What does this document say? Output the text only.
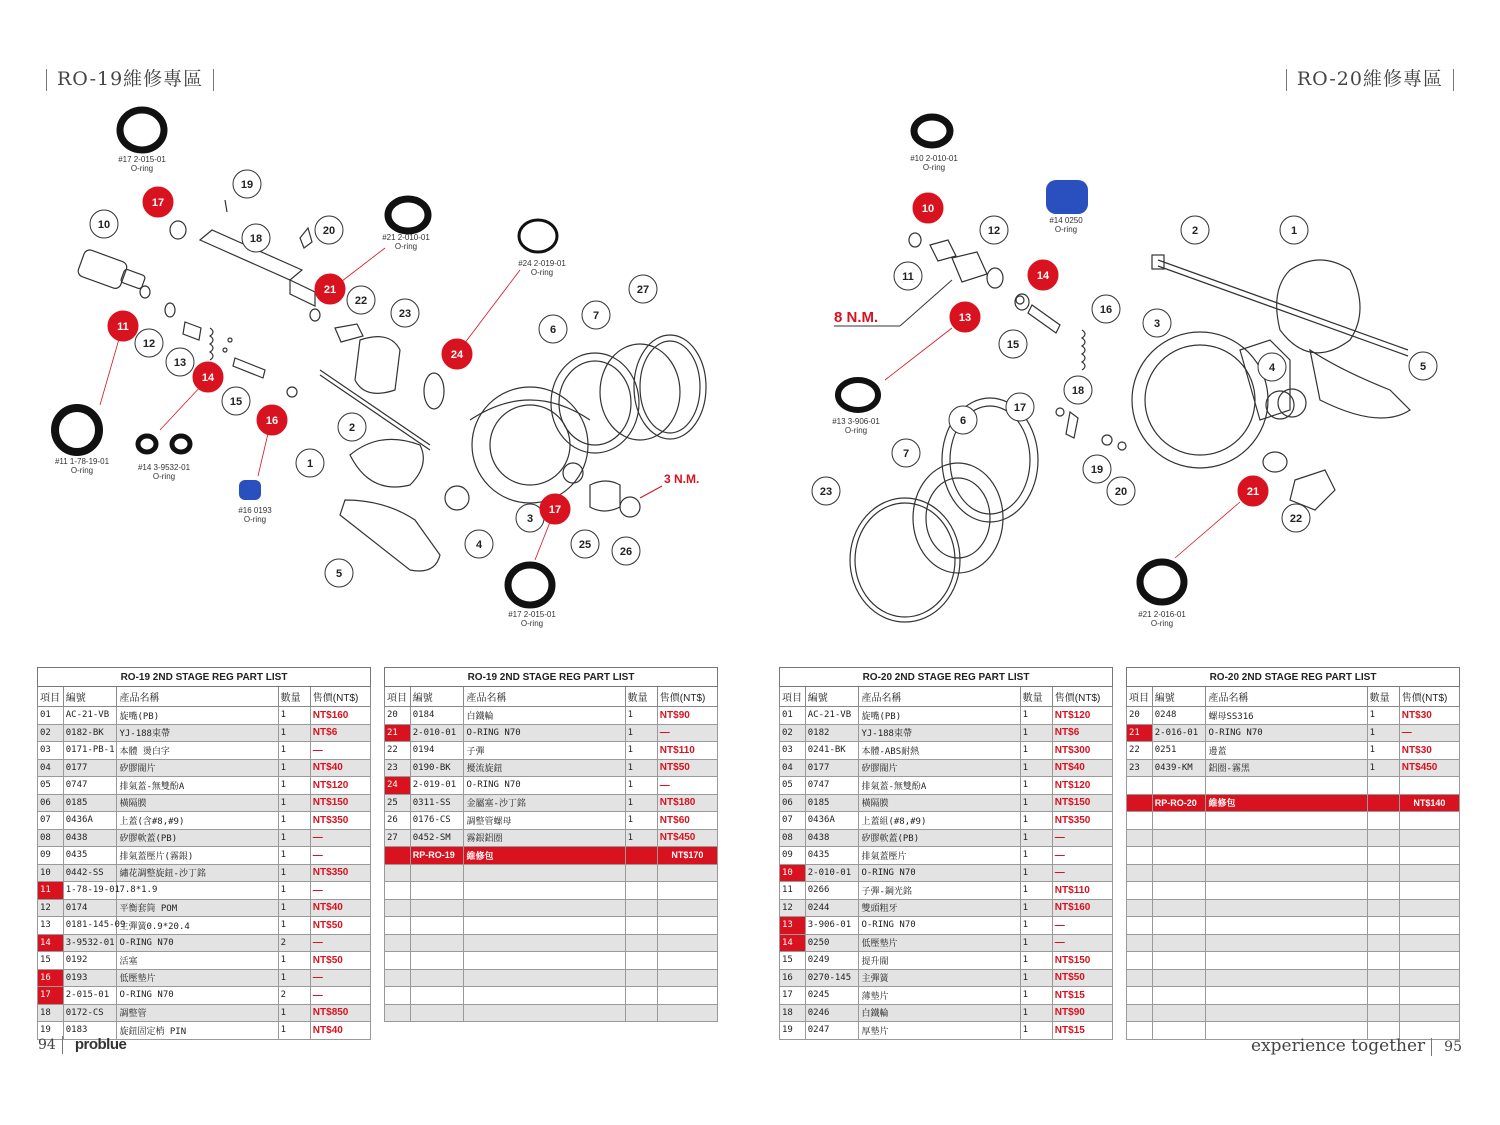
RO-19維修專區	RO-20維修專區
#17 2-015-01 O-ring
#21 2-010-01 O-ring
#24 2-019-01 O-ring
#11 1-78-19-01 O-ring	#14 3-9532-01 O-ring
#16 0193 O-ring
#17 2-015-01 O-ring
3 N.M.
17
19
10
18
20
21
22
23
11
12
13
14
15
16
24
6
7
27
2
1
3
17
4
5
25
26
#10 2-010-01 O-ring
#14 0250 O-ring
#13 3-906-01 O-ring
#21 2-016-01 O-ring
8 N.M.
10
12
11	14
13
15
16
2	1
3
4	5
6
7
17
18
19
20	21
22
23
RO-19 2ND STAGE REG PART LIST				
項目	編號	產品名稱	數量	售價(NT$)
01	AC-21-VB	旋嘴(PB)	1	NT$160
02	0182-BK	YJ-188束帶	1	NT$6
03	0171-PB-1	本體 燙白字	1	—
04	0177	矽膠閥片	1	NT$40
05	0747	排氣蓋-無雙酚A	1	NT$120
06	0185	橫隔膜	1	NT$150
07	0436A	上蓋(含#8,#9)	1	NT$350
08	0438	矽膠軟蓋(PB)	1	—
09	0435	排氣蓋壓片(霧銀)	1	—
10	0442-SS	繡花調整旋鈕-沙丁銘	1	NT$350
11	1-78-19-01	7.8*1.9	1	—
12	0174	平衡套筒 POM	1	NT$40
13	0181-145-09	主彈簧0.9*20.4	1	NT$50
14	3-9532-01	O-RING N70	2	—
15	0192	活塞	1	NT$50
16	0193	低壓墊片	1	—
17	2-015-01	O-RING N70	2	—
18	0172-CS	調整管	1	NT$850
19	0183	旋鈕固定梢 PIN	1	NT$40
RO-19 2ND STAGE REG PART LIST				
項目	編號	產品名稱	數量	售價(NT$)
20	0184	白鐵輪	1	NT$90
21	2-010-01	O-RING N70	1	—
22	0194	子彈	1	NT$110
23	0190-BK	擾流旋鈕	1	NT$50
24	2-019-01	O-RING N70	1	—
25	0311-SS	金屬塞-沙丁銘	1	NT$180
26	0176-CS	調整管螺母	1	NT$60
27	0452-SM	霧銀鋁圈	1	NT$450
	RP-RO-19	維修包		NT$170

RO-20 2ND STAGE REG PART LIST				
項目	編號	產品名稱	數量	售價(NT$)
01	AC-21-VB	旋嘴(PB)	1	NT$120
02	0182	YJ-188束帶	1	NT$6
03	0241-BK	本體-ABS耐熱	1	NT$300
04	0177	矽膠閥片	1	NT$40
05	0747	排氣蓋-無雙酚A	1	NT$120
06	0185	橫隔膜	1	NT$150
07	0436A	上蓋組(#8,#9)	1	NT$350
08	0438	矽膠軟蓋(PB)	1	—
09	0435	排氣蓋壓片	1	—
10	2-010-01	O-RING N70	1	—
11	0266	子彈-鋼光銘	1	NT$110
12	0244	雙頭粗牙	1	NT$160
13	3-906-01	O-RING N70	1	—
14	0250	低壓墊片	1	—
15	0249	提升閥	1	NT$150
16	0270-145	主彈簧	1	NT$50
17	0245	薄墊片	1	NT$15
18	0246	白鐵輪	1	NT$90
19	0247	厚墊片	1	NT$15
RO-20 2ND STAGE REG PART LIST				
項目	編號	產品名稱	數量	售價(NT$)
20	0248	螺母SS316	1	NT$30
21	2-016-01	O-RING N70	1	—
22	0251	邊蓋	1	NT$30
23	0439-KM	鋁圈-霧黑	1	NT$450

	RP-RO-20	維修包		NT$140

94 problue	experience together 95
